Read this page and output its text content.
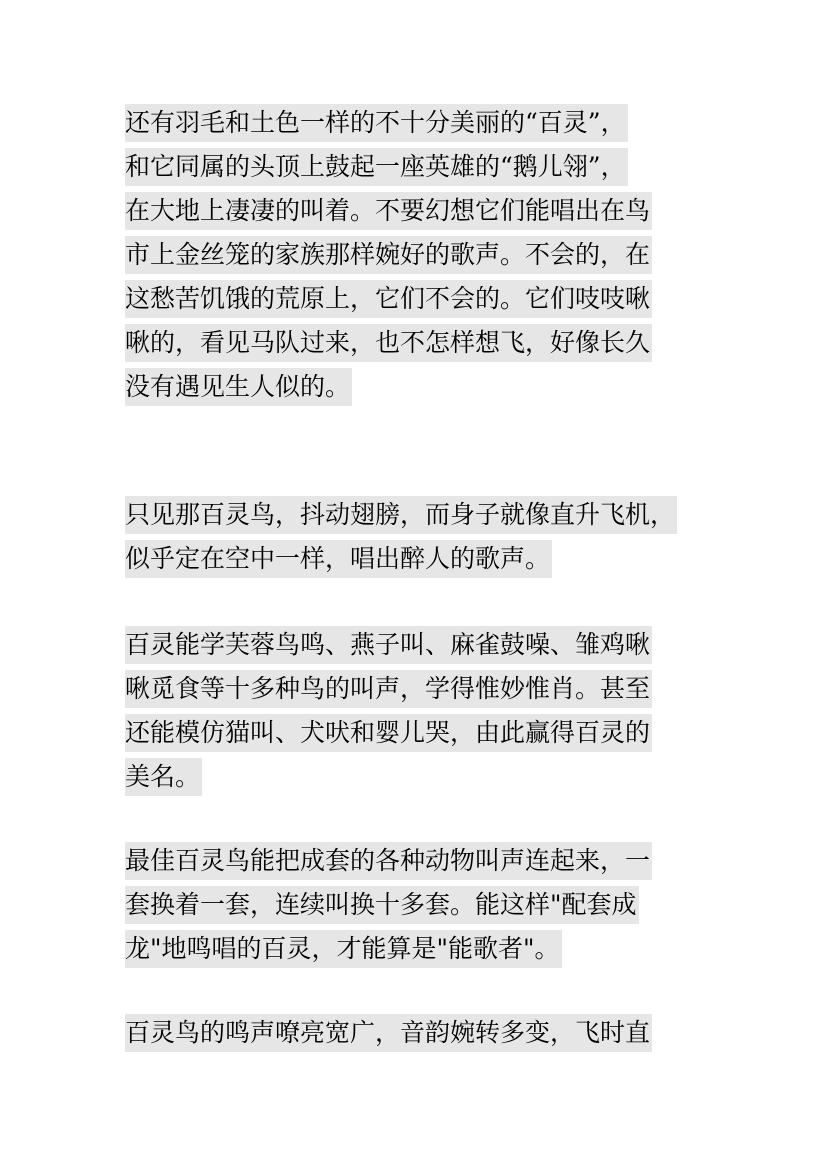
还有羽毛和土色一样的不十分美丽的“百灵”，
和它同属的头顶上鼓起一座英雄的“鹅儿翎”，
在大地上凄凄的叫着。不要幻想它们能唱出在鸟
市上金丝笼的家族那样婉好的歌声。不会的，在
这愁苦饥饿的荒原上，它们不会的。它们吱吱啾
啾的，看见马队过来，也不怎样想飞，好像长久
没有遇见生人似的。
只见那百灵鸟，抖动翅膀，而身子就像直升飞机，
似乎定在空中一样，唱出醉人的歌声。
百灵能学芙蓉鸟鸣、燕子叫、麻雀鼓噪、雏鸡啾
啾觅食等十多种鸟的叫声，学得惟妙惟肖。甚至
还能模仿猫叫、犬吠和婴儿哭，由此赢得百灵的
美名。
最佳百灵鸟能把成套的各种动物叫声连起来，一
套换着一套，连续叫换十多套。能这样"配套成
龙"地鸣唱的百灵，才能算是"能歌者"。
百灵鸟的鸣声嘹亮宽广，音韵婉转多变，飞时直
